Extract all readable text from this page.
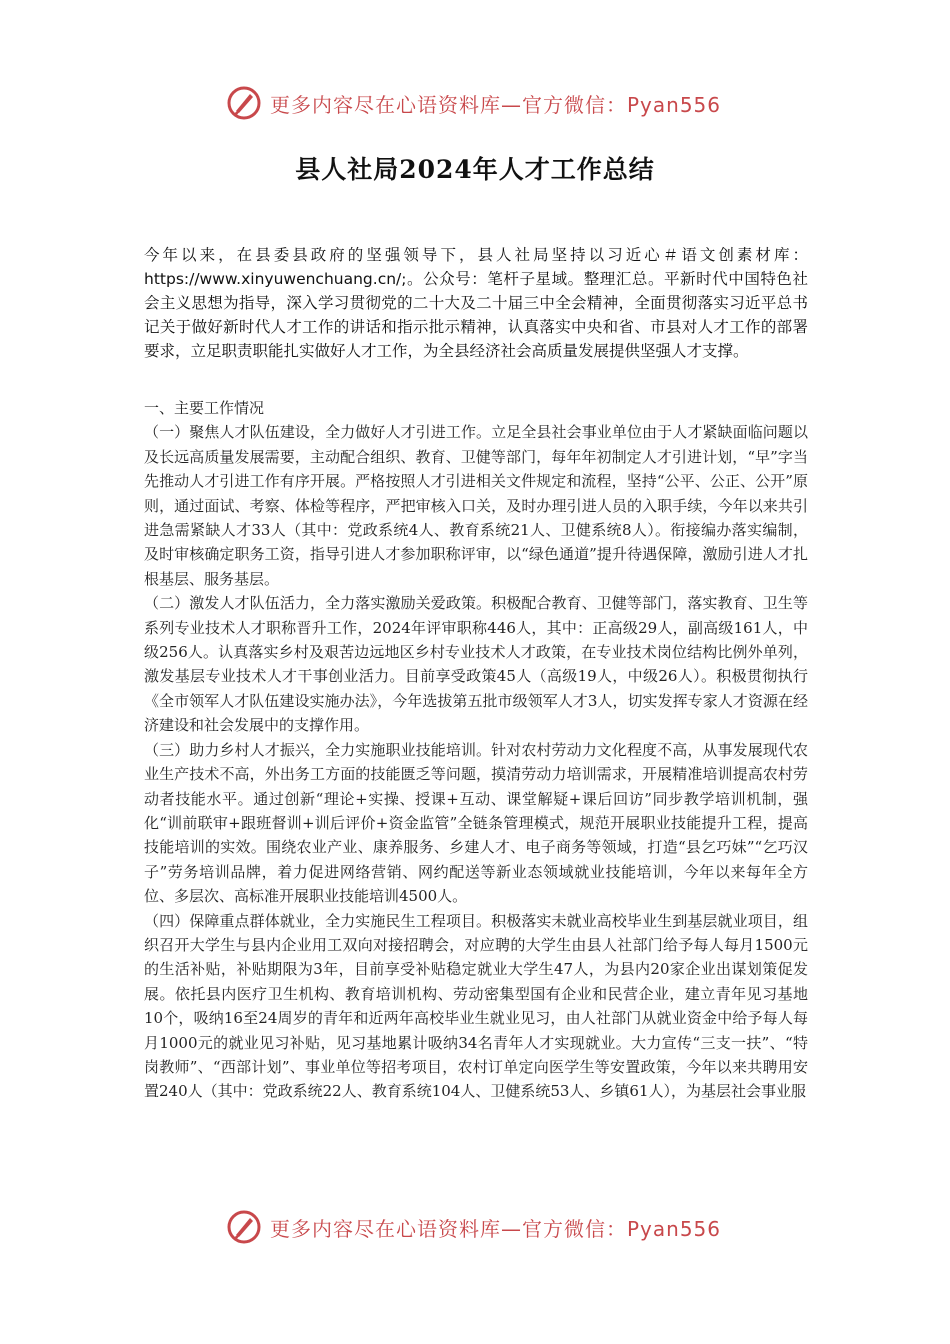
更多内容尽在心语资料库—官方微信：Pyan556
县人社局2024年人才工作总结

今年以来，在县委县政府的坚强领导下，县人社局坚持以习近心＃语文创素材库：https://www.xinyuwenchuang.cn/;。公众号：笔杆子星域。整理汇总。平新时代中国特色社会主义思想为指导，深入学习贯彻党的二十大及二十届三中全会精神，全面贯彻落实习近平总书记关于做好新时代人才工作的讲话和指示批示精神，认真落实中央和省、市县对人才工作的部署要求，立足职责职能扎实做好人才工作，为全县经济社会高质量发展提供坚强人才支撑。

一、主要工作情况

（一）聚焦人才队伍建设，全力做好人才引进工作。立足全县社会事业单位由于人才紧缺面临问题以及长远高质量发展需要，主动配合组织、教育、卫健等部门，每年年初制定人才引进计划，“早”字当先推动人才引进工作有序开展。严格按照人才引进相关文件规定和流程，坚持“公平、公正、公开”原则，通过面试、考察、体检等程序，严把审核入口关，及时办理引进人员的入职手续，今年以来共引进急需紧缺人才33人（其中：党政系统4人、教育系统21人、卫健系统8人）。衔接编办落实编制，及时审核确定职务工资，指导引进人才参加职称评审，以“绿色通道”提升待遇保障，激励引进人才扎根基层、服务基层。

（二）激发人才队伍活力，全力落实激励关爱政策。积极配合教育、卫健等部门，落实教育、卫生等系列专业技术人才职称晋升工作，2024年评审职称446人，其中：正高级29人，副高级161人，中级256人。认真落实乡村及艰苦边远地区乡村专业技术人才政策，在专业技术岗位结构比例外单列，激发基层专业技术人才干事创业活力。目前享受政策45人（高级19人，中级26人）。积极贯彻执行《全市领军人才队伍建设实施办法》，今年选拔第五批市级领军人才3人，切实发挥专家人才资源在经济建设和社会发展中的支撑作用。

（三）助力乡村人才振兴，全力实施职业技能培训。针对农村劳动力文化程度不高，从事发展现代农业生产技术不高，外出务工方面的技能匮乏等问题，摸清劳动力培训需求，开展精准培训提高农村劳动者技能水平。通过创新“理论+实操、授课+互动、课堂解疑+课后回访”同步教学培训机制，强化“训前联审+跟班督训+训后评价+资金监管”全链条管理模式，规范开展职业技能提升工程，提高技能培训的实效。围绕农业产业、康养服务、乡建人才、电子商务等领域，打造“县乞巧妹”“乞巧汉子”劳务培训品牌，着力促进网络营销、网约配送等新业态领域就业技能培训，今年以来每年全方位、多层次、高标准开展职业技能培训4500人。

（四）保障重点群体就业，全力实施民生工程项目。积极落实未就业高校毕业生到基层就业项目，组织召开大学生与县内企业用工双向对接招聘会，对应聘的大学生由县人社部门给予每人每月1500元的生活补贴，补贴期限为3年，目前享受补贴稳定就业大学生47人，为县内20家企业出谋划策促发展。依托县内医疗卫生机构、教育培训机构、劳动密集型国有企业和民营企业，建立青年见习基地10个，吸纳16至24周岁的青年和近两年高校毕业生就业见习，由人社部门从就业资金中给予每人每月1000元的就业见习补贴，见习基地累计吸纳34名青年人才实现就业。大力宣传“三支一扶”、“特岗教师”、“西部计划”、事业单位等招考项目，农村订单定向医学生等安置政策，今年以来共聘用安置240人（其中：党政系统22人、教育系统104人、卫健系统53人、乡镇61人），为基层社会事业服

更多内容尽在心语资料库—官方微信：Pyan556
